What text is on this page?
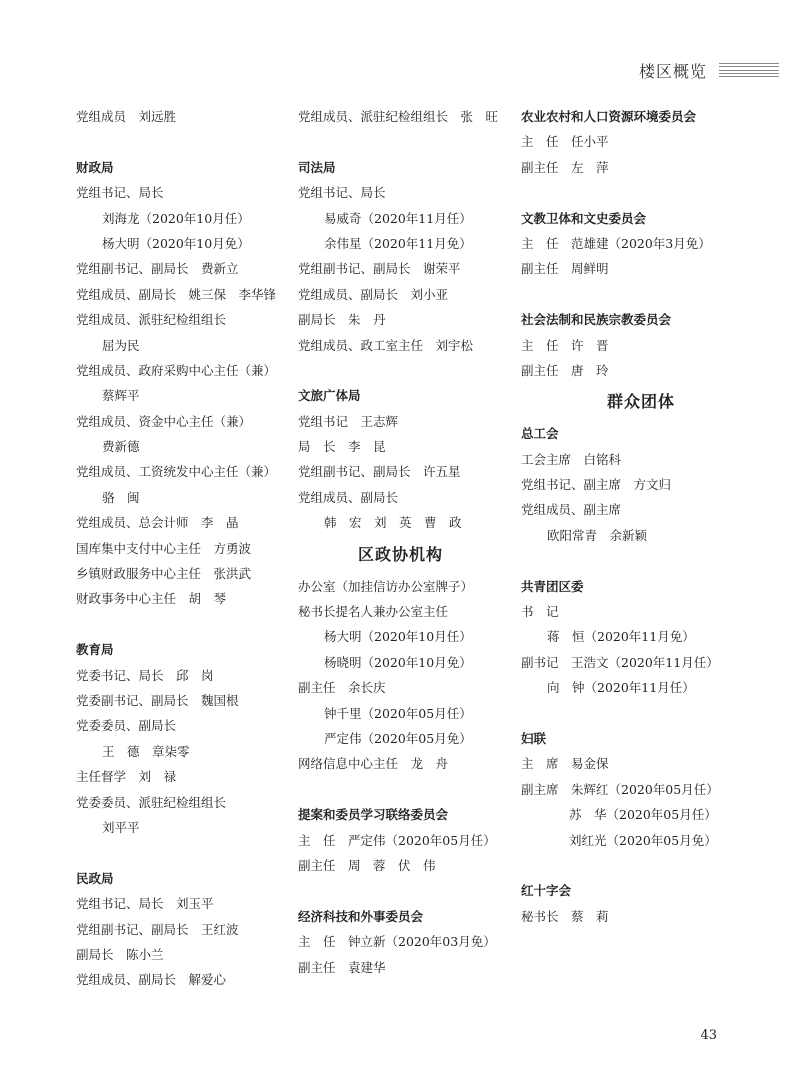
楼区概览
党组成员　刘远胜
财政局
党组书记、局长
刘海龙（2020年10月任）
杨大明（2020年10月免）
党组副书记、副局长　费新立
党组成员、副局长　姚三保　李华锋
党组成员、派驻纪检组组长
屈为民
党组成员、政府采购中心主任（兼）
蔡辉平
党组成员、资金中心主任（兼）
费新德
党组成员、工资统发中心主任（兼）
骆　闽
党组成员、总会计师　李　晶
国库集中支付中心主任　方勇波
乡镇财政服务中心主任　张洪武
财政事务中心主任　胡　琴
教育局
党委书记、局长　邱　岗
党委副书记、副局长　魏国根
党委委员、副局长
王　德　章柒零
主任督学　刘　禄
党委委员、派驻纪检组组长
刘平平
民政局
党组书记、局长　刘玉平
党组副书记、副局长　王红波
副局长　陈小兰
党组成员、副局长　解爱心
党组成员、派驻纪检组组长　张　旺
司法局
党组书记、局长
易威奇（2020年11月任）
余伟星（2020年11月免）
党组副书记、副局长　谢荣平
党组成员、副局长　刘小亚
副局长　朱　丹
党组成员、政工室主任　刘宇松
文旅广体局
党组书记　王志辉
局　长　李　昆
党组副书记、副局长　许五星
党组成员、副局长
韩　宏　刘　英　曹　政
区政协机构
办公室（加挂信访办公室牌子）
秘书长提名人兼办公室主任
杨大明（2020年10月任）
杨晓明（2020年10月免）
副主任　余长庆
钟千里（2020年05月任）
严定伟（2020年05月免）
网络信息中心主任　龙　舟
提案和委员学习联络委员会
主　任　严定伟（2020年05月任）
副主任　周　蓉　伏　伟
经济科技和外事委员会
主　任　钟立新（2020年03月免）
副主任　袁建华
农业农村和人口资源环境委员会
主　任　任小平
副主任　左　萍
文教卫体和文史委员会
主　任　范雄建（2020年3月免）
副主任　周鲜明
社会法制和民族宗教委员会
主　任　许　晋
副主任　唐　玲
群众团体
总工会
工会主席　白铭科
党组书记、副主席　方文归
党组成员、副主席
欧阳常青　余新颖
共青团区委
书　记
蒋　恒（2020年11月免）
副书记　王浩文（2020年11月任）
向　钟（2020年11月任）
妇联
主　席　易金保
副主席　朱辉红（2020年05月任）
苏　华（2020年05月任）
刘红光（2020年05月免）
红十字会
秘书长　蔡　莉
43
